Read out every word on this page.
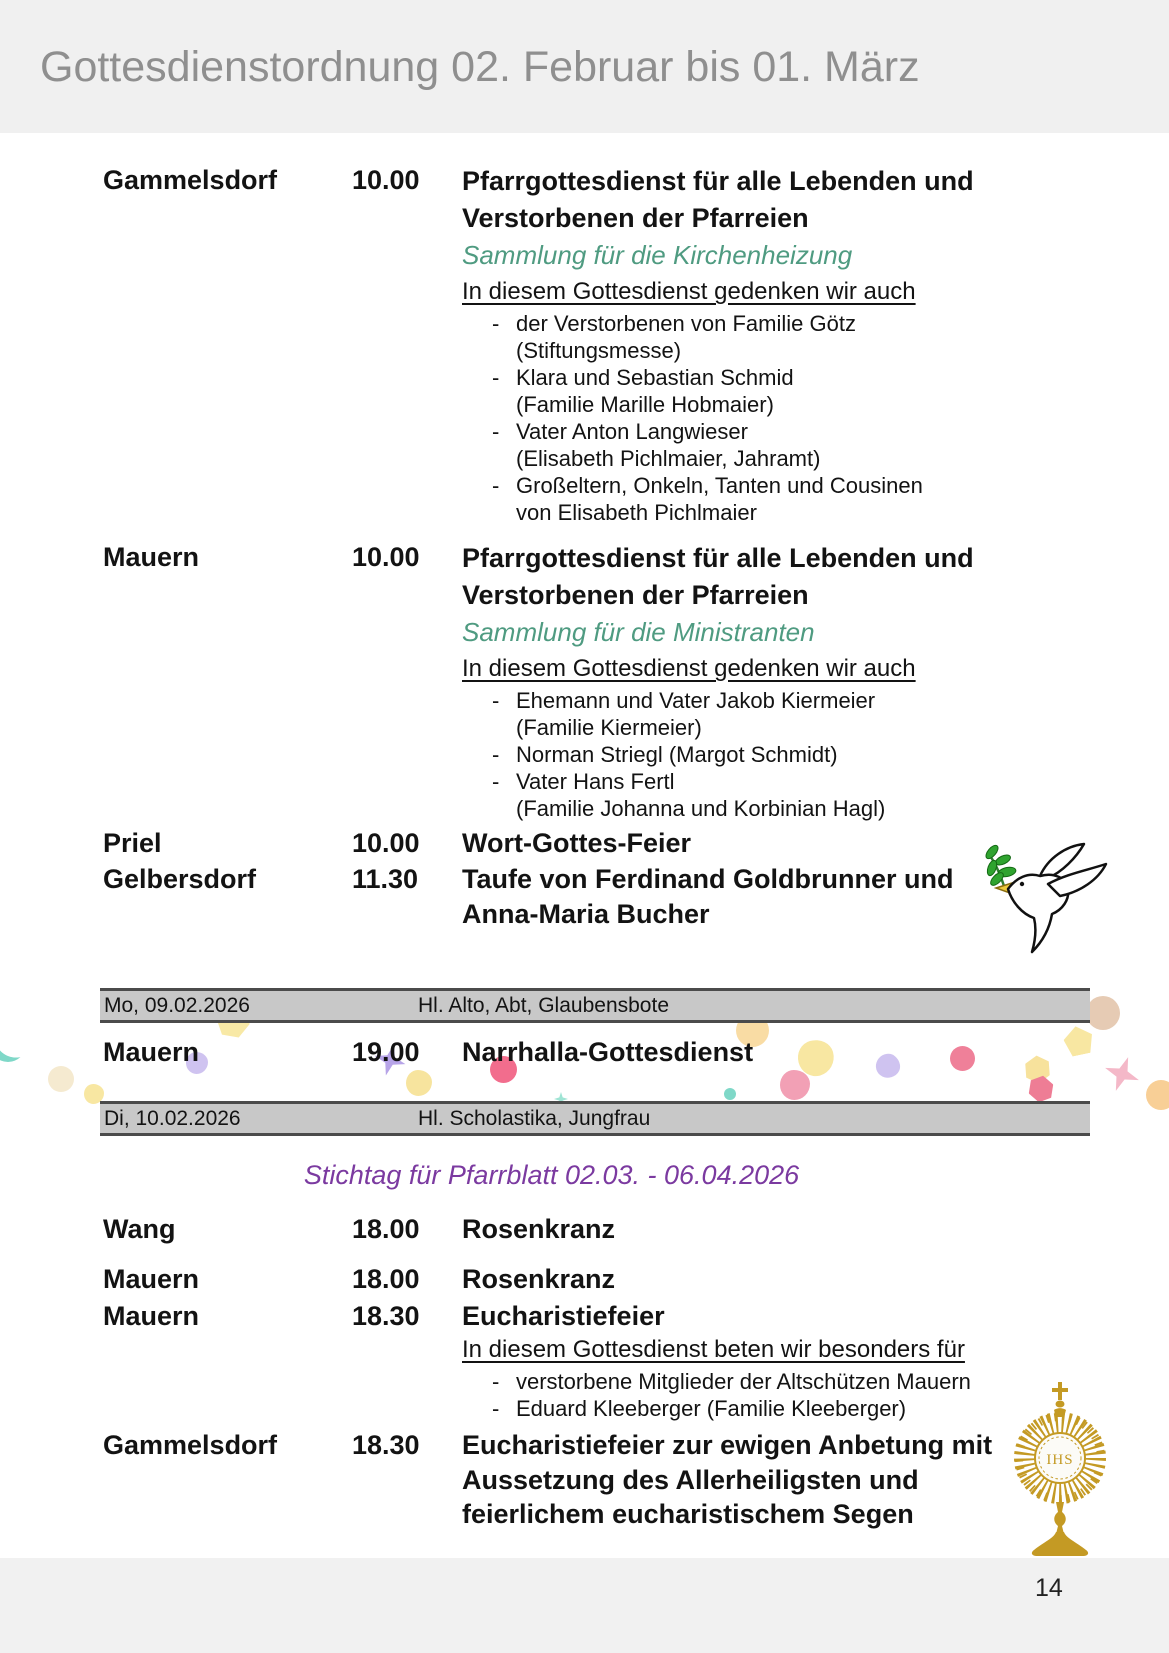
Gottesdienstordnung 02. Februar bis 01. März
Gammelsdorf	10.00	Pfarrgottesdienst für alle Lebenden und
Verstorbenen der Pfarreien
Sammlung für die Kirchenheizung
In diesem Gottesdienst gedenken wir auch
- der Verstorbenen von Familie Götz
(Stiftungsmesse)
- Klara und Sebastian Schmid
(Familie Marille Hobmaier)
- Vater Anton Langwieser
(Elisabeth Pichlmaier, Jahramt)
- Großeltern, Onkeln, Tanten und Cousinen
von Elisabeth Pichlmaier
Mauern	10.00	Pfarrgottesdienst für alle Lebenden und
Verstorbenen der Pfarreien
Sammlung für die Ministranten
In diesem Gottesdienst gedenken wir auch
- Ehemann und Vater Jakob Kiermeier
(Familie Kiermeier)
- Norman Striegl (Margot Schmidt)
- Vater Hans Fertl
(Familie Johanna und Korbinian Hagl)
Priel	10.00	Wort-Gottes-Feier
Gelbersdorf	11.30	Taufe von Ferdinand Goldbrunner und
Anna-Maria Bucher
Mo, 09.02.2026	Hl. Alto, Abt, Glaubensbote
Mauern	19.00	Narrhalla-Gottesdienst
Di, 10.02.2026	Hl. Scholastika, Jungfrau
Stichtag für Pfarrblatt 02.03. - 06.04.2026
Wang	18.00	Rosenkranz
Mauern	18.00	Rosenkranz
Mauern	18.30	Eucharistiefeier
In diesem Gottesdienst beten wir besonders für
- verstorbene Mitglieder der Altschützen Mauern
- Eduard Kleeberger (Familie Kleeberger)
Gammelsdorf	18.30	Eucharistiefeier zur ewigen Anbetung mit
Aussetzung des Allerheiligsten und
feierlichem eucharistischem Segen
IHS
14
